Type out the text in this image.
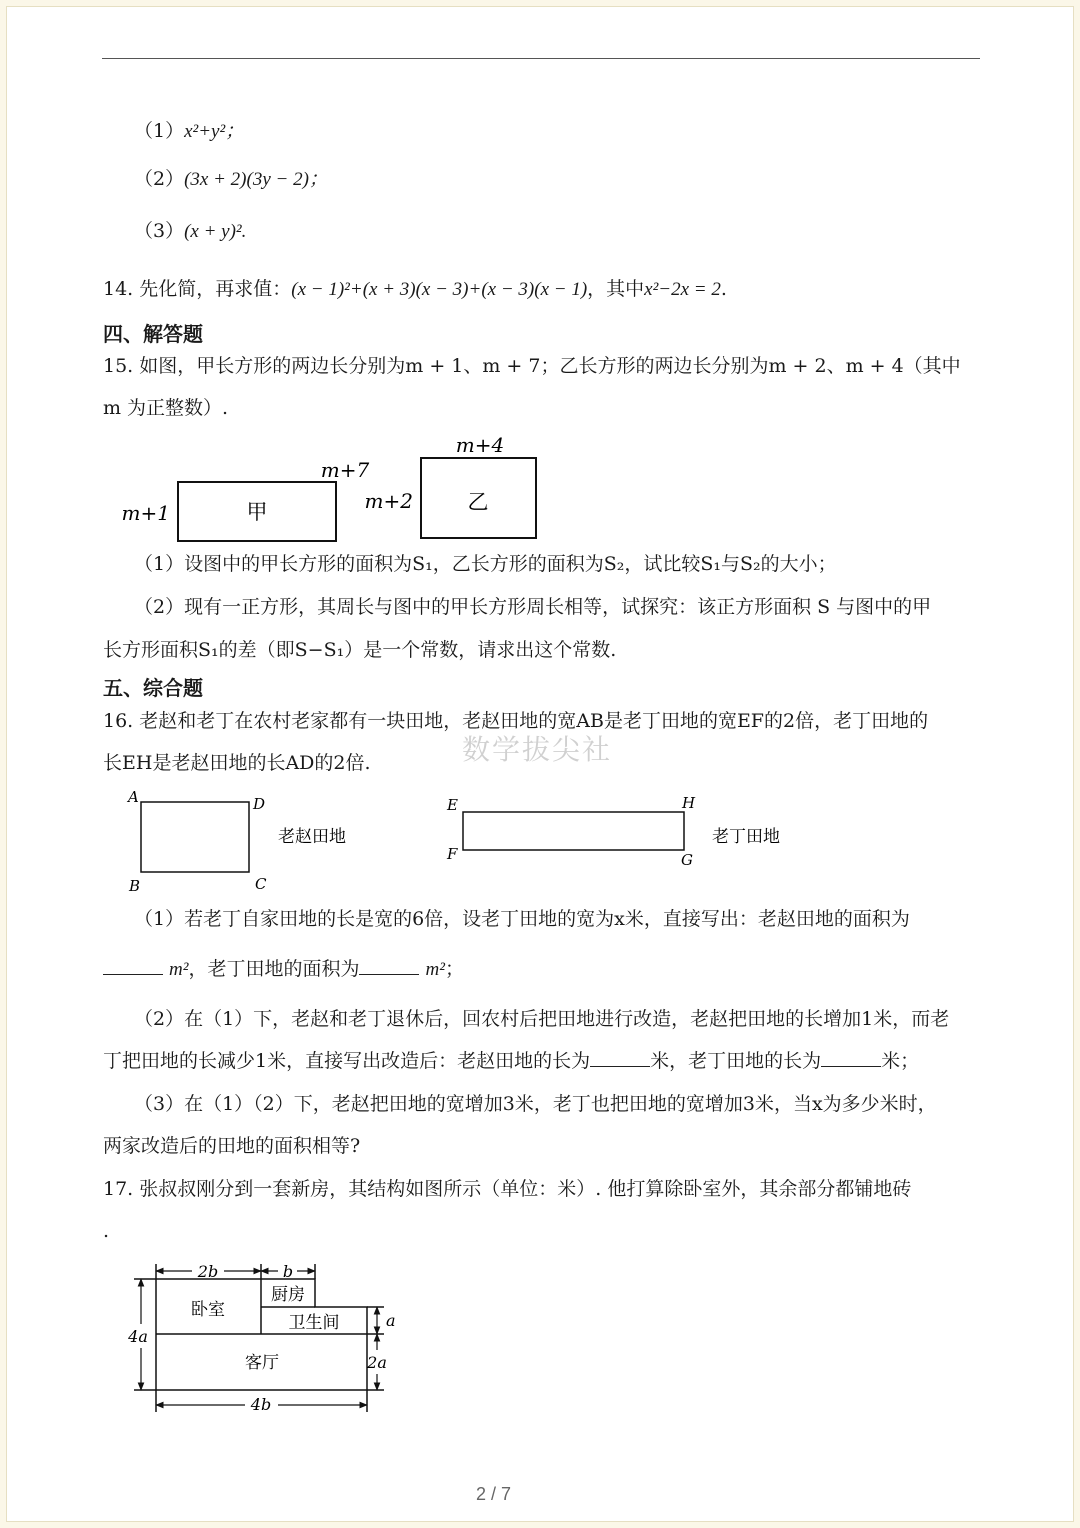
（1）x²+y²；
（2）(3x + 2)(3y − 2)；
（3）(x + y)².
14. 先化简，再求值：(x − 1)²+(x + 3)(x − 3)+(x − 3)(x − 1)，其中x²−2x = 2.
四、解答题
15. 如图，甲长方形的两边长分别为m + 1、m + 7；乙长方形的两边长分别为m + 2、m + 4（其中
m 为正整数）.
m+7
m+1	甲
m+4
m+2	乙
（1）设图中的甲长方形的面积为S₁，乙长方形的面积为S₂，试比较S₁与S₂的大小；
（2）现有一正方形，其周长与图中的甲长方形周长相等，试探究：该正方形面积 S 与图中的甲
长方形面积S₁的差（即S−S₁）是一个常数，请求出这个常数.
五、综合题
16. 老赵和老丁在农村老家都有一块田地，老赵田地的宽AB是老丁田地的宽EF的2倍，老丁田地的
长EH是老赵田地的长AD的2倍.	数学拔尖社
A	D
B	C
老赵田地
E	H
F	G
老丁田地
（1）若老丁自家田地的长是宽的6倍，设老丁田地的宽为x米，直接写出：老赵田地的面积为
m²，老丁田地的面积为	m²；
（2）在（1）下，老赵和老丁退休后，回农村后把田地进行改造，老赵把田地的长增加1米，而老
丁把田地的长减少1米，直接写出改造后：老赵田地的长为	米，老丁田地的长为	米；
（3）在（1）（2）下，老赵把田地的宽增加3米，老丁也把田地的宽增加3米，当x为多少米时，
两家改造后的田地的面积相等?
17. 张叔叔刚分到一套新房，其结构如图所示（单位：米）. 他打算除卧室外，其余部分都铺地砖
.
2b	b
4a
a
2a
4b
卧室
厨房
卫生间
客厅
2 / 7
